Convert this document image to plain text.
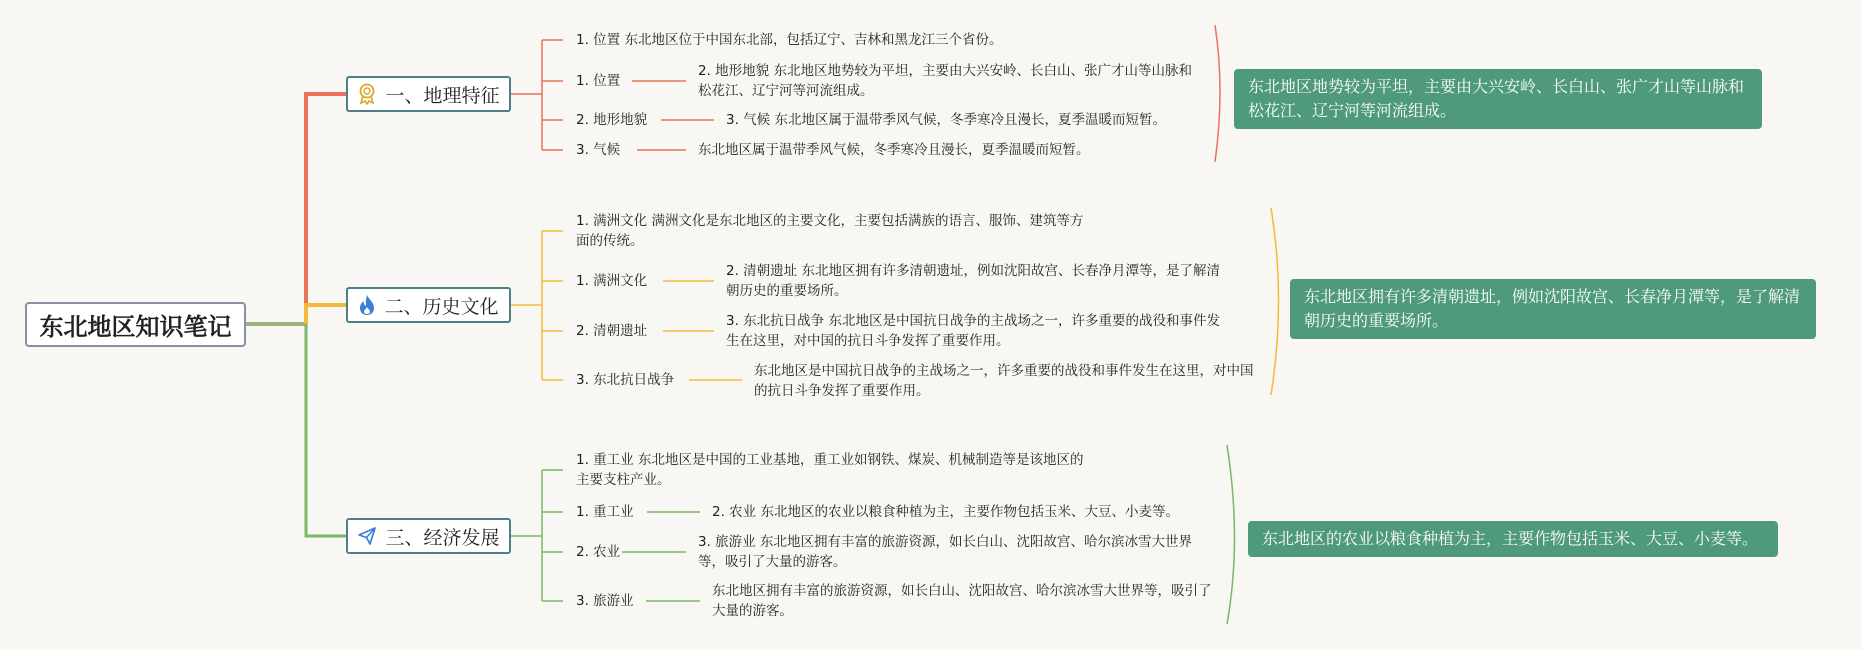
东北地区知识笔记
一、地理特征
1. 位置 东北地区位于中国东北部，包括辽宁、吉林和黑龙江三个省份。
1. 位置
2. 地形地貌
3. 气候
2. 地形地貌 东北地区地势较为平坦，主要由大兴安岭、长白山、张广才山等山脉和松花江、辽宁河等河流组成。
3. 气候 东北地区属于温带季风气候，冬季寒冷且漫长，夏季温暖而短暂。
东北地区属于温带季风气候，冬季寒冷且漫长，夏季温暖而短暂。
东北地区地势较为平坦，主要由大兴安岭、长白山、张广才山等山脉和松花江、辽宁河等河流组成。
二、历史文化
1. 满洲文化 满洲文化是东北地区的主要文化，主要包括满族的语言、服饰、建筑等方面的传统。
1. 满洲文化
2. 清朝遗址
3. 东北抗日战争
2. 清朝遗址 东北地区拥有许多清朝遗址，例如沈阳故宫、长春净月潭等，是了解清朝历史的重要场所。
3. 东北抗日战争 东北地区是中国抗日战争的主战场之一，许多重要的战役和事件发生在这里，对中国的抗日斗争发挥了重要作用。
东北地区是中国抗日战争的主战场之一，许多重要的战役和事件发生在这里，对中国的抗日斗争发挥了重要作用。
东北地区拥有许多清朝遗址，例如沈阳故宫、长春净月潭等，是了解清朝历史的重要场所。
三、经济发展
1. 重工业 东北地区是中国的工业基地，重工业如钢铁、煤炭、机械制造等是该地区的主要支柱产业。
1. 重工业
2. 农业
3. 旅游业
2. 农业 东北地区的农业以粮食种植为主，主要作物包括玉米、大豆、小麦等。
3. 旅游业 东北地区拥有丰富的旅游资源，如长白山、沈阳故宫、哈尔滨冰雪大世界等，吸引了大量的游客。
东北地区拥有丰富的旅游资源，如长白山、沈阳故宫、哈尔滨冰雪大世界等，吸引了大量的游客。
东北地区的农业以粮食种植为主，主要作物包括玉米、大豆、小麦等。
